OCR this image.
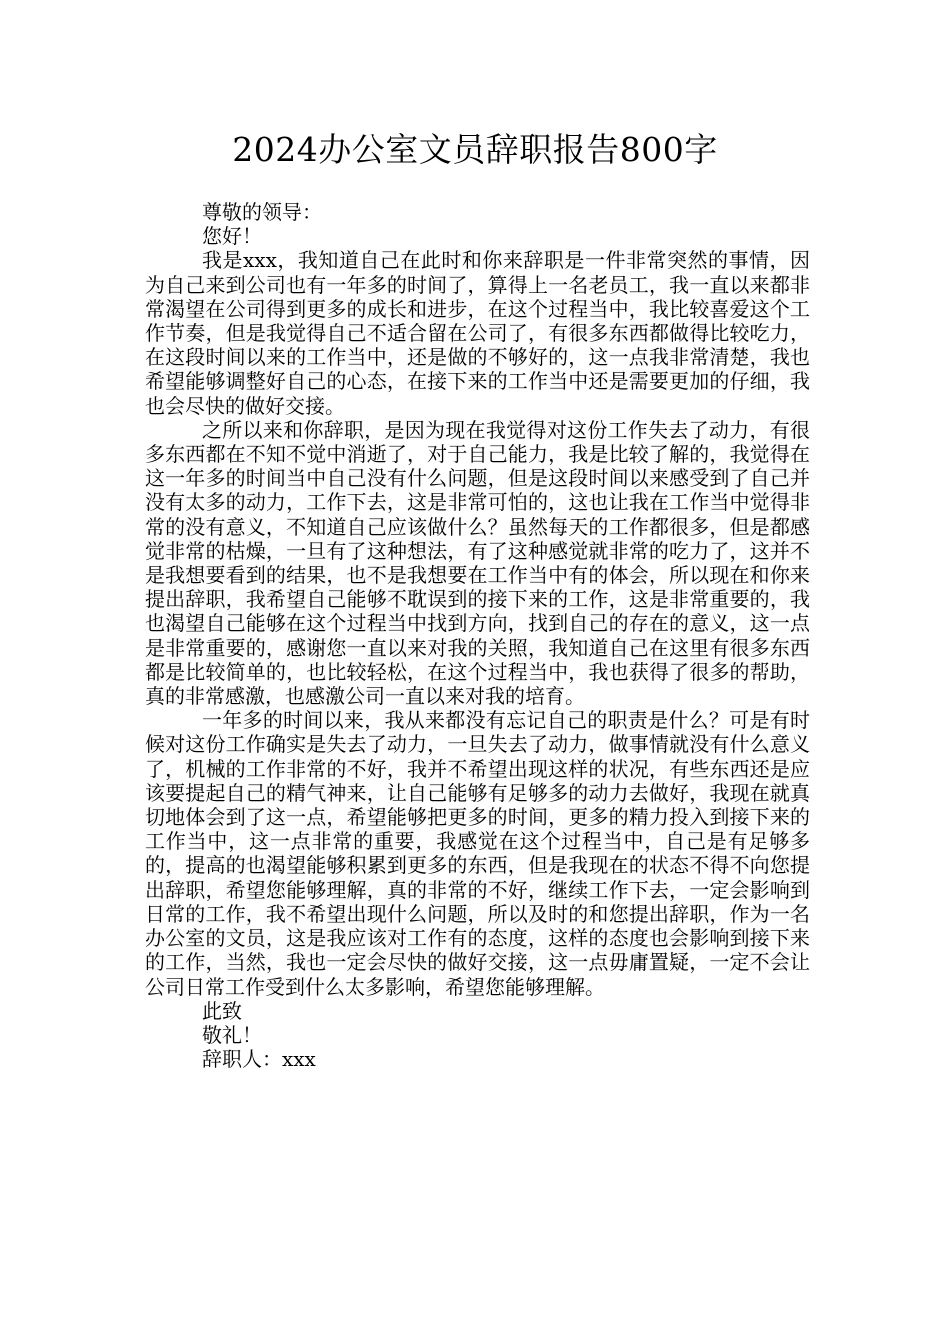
2024办公室文员辞职报告800字

尊敬的领导：

您好！

我是xxx，我知道自己在此时和你来辞职是一件非常突然的事情，因为自己来到公司也有一年多的时间了，算得上一名老员工，我一直以来都非常渴望在公司得到更多的成长和进步，在这个过程当中，我比较喜爱这个工作节奏，但是我觉得自己不适合留在公司了，有很多东西都做得比较吃力，在这段时间以来的工作当中，还是做的不够好的，这一点我非常清楚，我也希望能够调整好自己的心态，在接下来的工作当中还是需要更加的仔细，我也会尽快的做好交接。

之所以来和你辞职，是因为现在我觉得对这份工作失去了动力，有很多东西都在不知不觉中消逝了，对于自己能力，我是比较了解的，我觉得在这一年多的时间当中自己没有什么问题，但是这段时间以来感受到了自己并没有太多的动力，工作下去，这是非常可怕的，这也让我在工作当中觉得非常的没有意义，不知道自己应该做什么？虽然每天的工作都很多，但是都感觉非常的枯燥，一旦有了这种想法，有了这种感觉就非常的吃力了，这并不是我想要看到的结果，也不是我想要在工作当中有的体会，所以现在和你来提出辞职，我希望自己能够不耽误到的接下来的工作，这是非常重要的，我也渴望自己能够在这个过程当中找到方向，找到自己的存在的意义，这一点是非常重要的，感谢您一直以来对我的关照，我知道自己在这里有很多东西都是比较简单的，也比较轻松，在这个过程当中，我也获得了很多的帮助，真的非常感激，也感激公司一直以来对我的培育。

一年多的时间以来，我从来都没有忘记自己的职责是什么？可是有时候对这份工作确实是失去了动力，一旦失去了动力，做事情就没有什么意义了，机械的工作非常的不好，我并不希望出现这样的状况，有些东西还是应该要提起自己的精气神来，让自己能够有足够多的动力去做好，我现在就真切地体会到了这一点，希望能够把更多的时间，更多的精力投入到接下来的工作当中，这一点非常的重要，我感觉在这个过程当中，自己是有足够多的，提高的也渴望能够积累到更多的东西，但是我现在的状态不得不向您提出辞职，希望您能够理解，真的非常的不好，继续工作下去，一定会影响到日常的工作，我不希望出现什么问题，所以及时的和您提出辞职，作为一名办公室的文员，这是我应该对工作有的态度，这样的态度也会影响到接下来的工作，当然，我也一定会尽快的做好交接，这一点毋庸置疑，一定不会让公司日常工作受到什么太多影响，希望您能够理解。

此致

敬礼！

辞职人：xxx
